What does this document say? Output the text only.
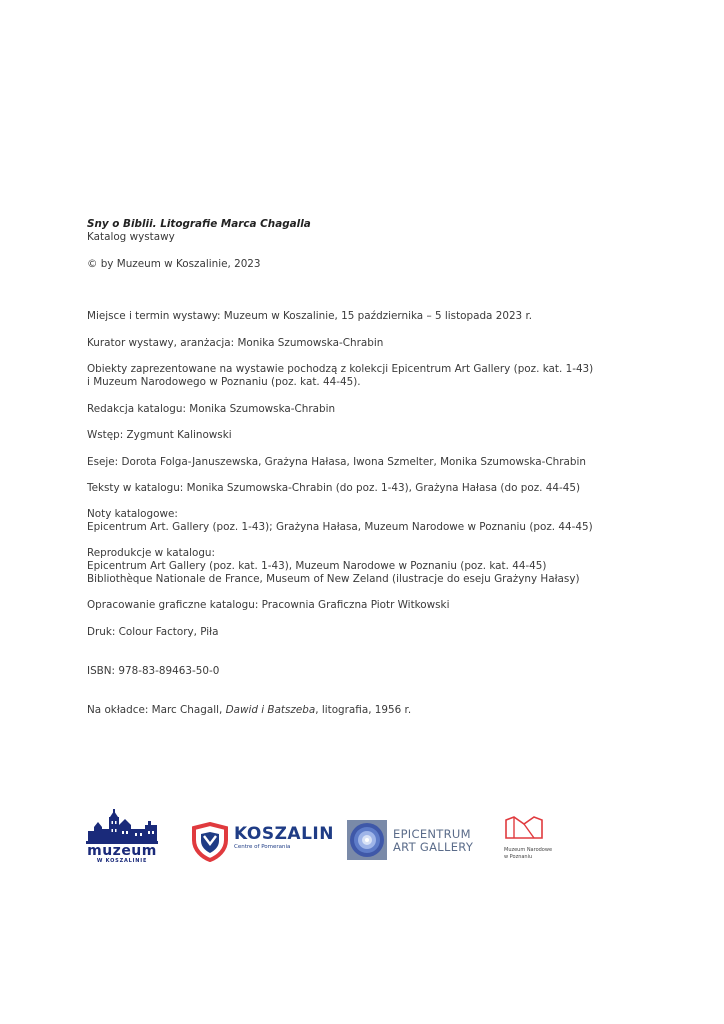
Sny o Biblii. Litografie Marca Chagalla

Katalog wystawy

© by Muzeum w Koszalinie, 2023

Miejsce i termin wystawy: Muzeum w Koszalinie, 15 października – 5 listopada 2023 r.

Kurator wystawy, aranżacja: Monika Szumowska-Chrabin

Obiekty zaprezentowane na wystawie pochodzą z kolekcji Epicentrum Art Gallery (poz. kat. 1-43)

i Muzeum Narodowego w Poznaniu (poz. kat. 44-45).

Redakcja katalogu: Monika Szumowska-Chrabin

Wstęp: Zygmunt Kalinowski

Eseje: Dorota Folga-Januszewska, Grażyna Hałasa, Iwona Szmelter, Monika Szumowska-Chrabin

Teksty w katalogu: Monika Szumowska-Chrabin (do poz. 1-43), Grażyna Hałasa (do poz. 44-45)

Noty katalogowe:

Epicentrum Art. Gallery (poz. 1-43); Grażyna Hałasa, Muzeum Narodowe w Poznaniu (poz. 44-45)

Reprodukcje w katalogu:

Epicentrum Art Gallery (poz. kat. 1-43), Muzeum Narodowe w Poznaniu (poz. kat. 44-45)

Bibliothèque Nationale de France, Museum of New Zeland (ilustracje do eseju Grażyny Hałasy)

Opracowanie graficzne katalogu: Pracownia Graficzna Piotr Witkowski

Druk: Colour Factory, Piła

ISBN: 978-83-89463-50-0

Na okładce: Marc Chagall, Dawid i Batszeba, litografia, 1956 r.

muzeum
W KOSZALINIE
KOSZALIN
Centre of Pomerania
EPICENTRUM
ART GALLERY	Muzeum Narodowe
w Poznaniu
